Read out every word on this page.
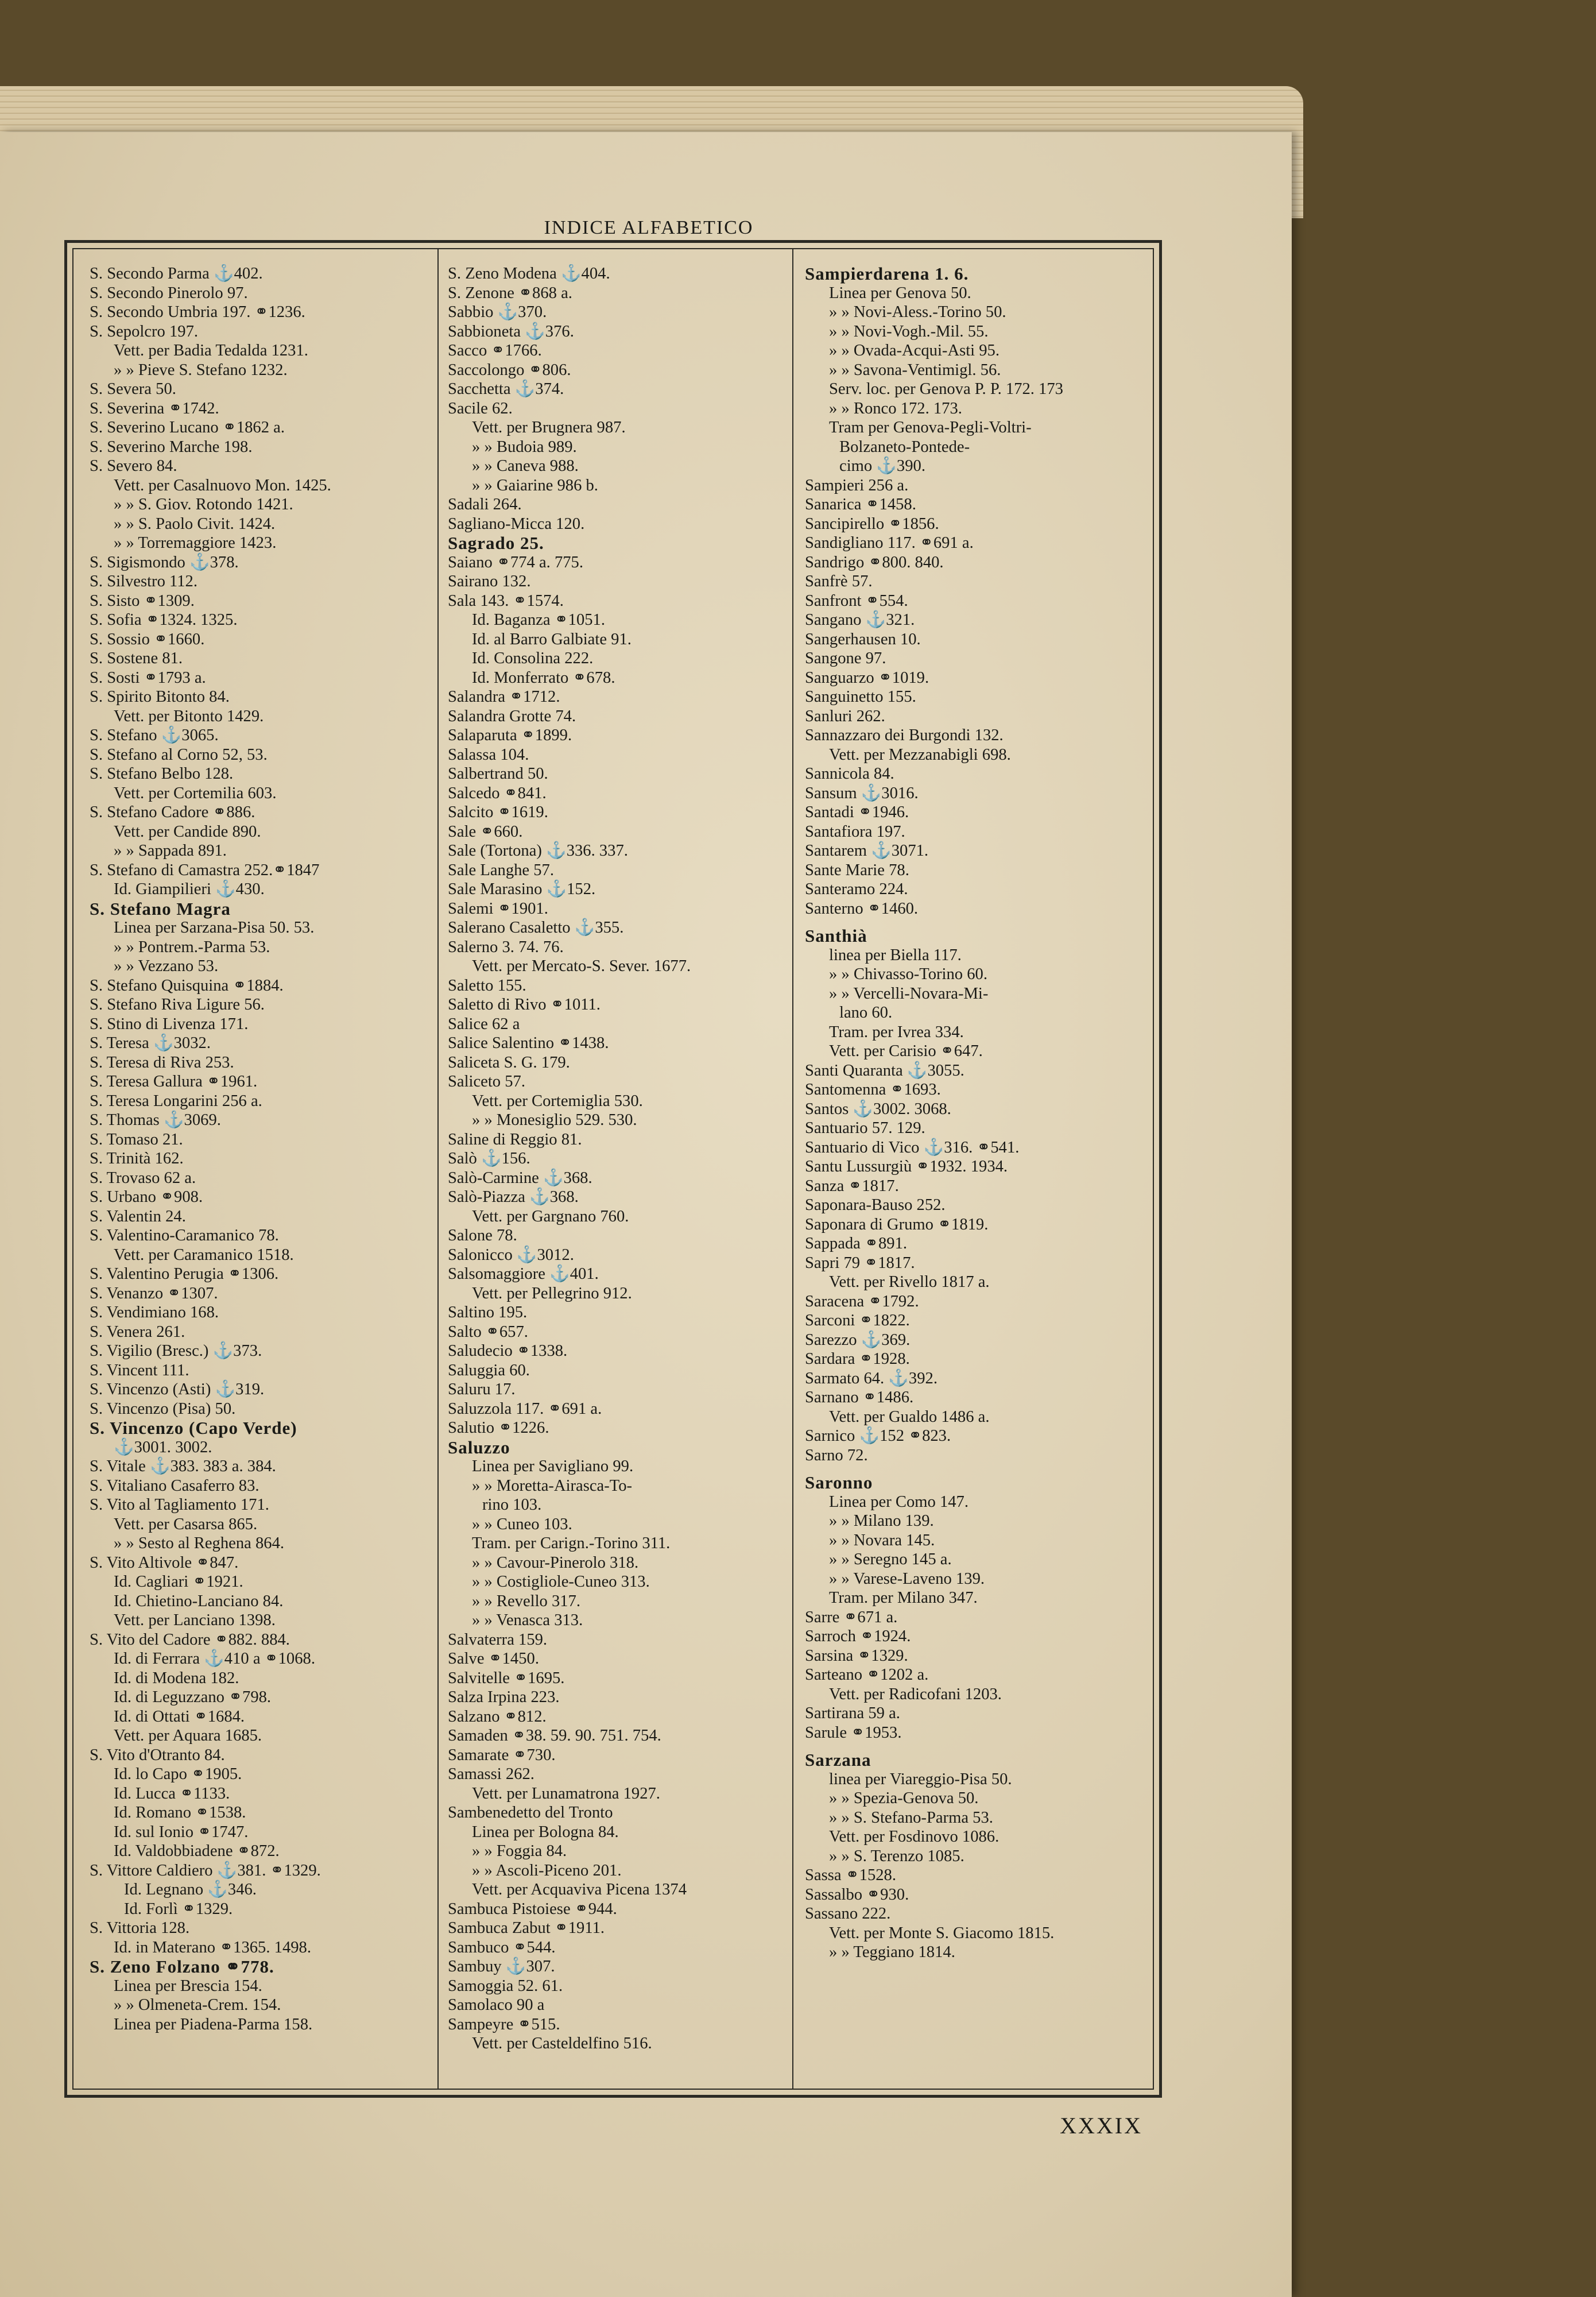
INDICE ALFABETICO
S. Secondo Parma ⚓402.
S. Secondo Pinerolo 97.
S. Secondo Umbria 197. ⚭1236.
S. Sepolcro 197.
Vett. per Badia Tedalda 1231.
» » Pieve S. Stefano 1232.
S. Severa 50.
S. Severina ⚭1742.
S. Severino Lucano ⚭1862 a.
S. Severino Marche 198.
S. Severo 84.
Vett. per Casalnuovo Mon. 1425.
» » S. Giov. Rotondo 1421.
» » S. Paolo Civit. 1424.
» » Torremaggiore 1423.
S. Sigismondo ⚓378.
S. Silvestro 112.
S. Sisto ⚭1309.
S. Sofia ⚭1324. 1325.
S. Sossio ⚭1660.
S. Sostene 81.
S. Sosti ⚭1793 a.
S. Spirito Bitonto 84.
Vett. per Bitonto 1429.
S. Stefano ⚓3065.
S. Stefano al Corno 52, 53.
S. Stefano Belbo 128.
Vett. per Cortemilia 603.
S. Stefano Cadore ⚭886.
Vett. per Candide 890.
» » Sappada 891.
S. Stefano di Camastra 252.⚭1847
Id. Giampilieri ⚓430.
S. Stefano Magra
Linea per Sarzana-Pisa 50. 53.
» » Pontrem.-Parma 53.
» » Vezzano 53.
S. Stefano Quisquina ⚭1884.
S. Stefano Riva Ligure 56.
S. Stino di Livenza 171.
S. Teresa ⚓3032.
S. Teresa di Riva 253.
S. Teresa Gallura ⚭1961.
S. Teresa Longarini 256 a.
S. Thomas ⚓3069.
S. Tomaso 21.
S. Trinità 162.
S. Trovaso 62 a.
S. Urbano ⚭908.
S. Valentin 24.
S. Valentino-Caramanico 78.
Vett. per Caramanico 1518.
S. Valentino Perugia ⚭1306.
S. Venanzo ⚭1307.
S. Vendimiano 168.
S. Venera 261.
S. Vigilio (Bresc.) ⚓373.
S. Vincent 111.
S. Vincenzo (Asti) ⚓319.
S. Vincenzo (Pisa) 50.
S. Vincenzo (Capo Verde)
⚓3001. 3002.
S. Vitale ⚓383. 383 a. 384.
S. Vitaliano Casaferro 83.
S. Vito al Tagliamento 171.
Vett. per Casarsa 865.
» » Sesto al Reghena 864.
S. Vito Altivole ⚭847.
Id. Cagliari ⚭1921.
Id. Chietino-Lanciano 84.
Vett. per Lanciano 1398.
S. Vito del Cadore ⚭882. 884.
Id. di Ferrara ⚓410 a ⚭1068.
Id. di Modena 182.
Id. di Leguzzano ⚭798.
Id. di Ottati ⚭1684.
Vett. per Aquara 1685.
S. Vito d'Otranto 84.
Id. lo Capo ⚭1905.
Id. Lucca ⚭1133.
Id. Romano ⚭1538.
Id. sul Ionio ⚭1747.
Id. Valdobbiadene ⚭872.
S. Vittore Caldiero ⚓381. ⚭1329.
Id. Legnano ⚓346.
Id. Forlì ⚭1329.
S. Vittoria 128.
Id. in Materano ⚭1365. 1498.
S. Zeno Folzano ⚭778.
Linea per Brescia 154.
» » Olmeneta-Crem. 154.
Linea per Piadena-Parma 158.
S. Zeno Modena ⚓404.
S. Zenone ⚭868 a.
Sabbio ⚓370.
Sabbioneta ⚓376.
Sacco ⚭1766.
Saccolongo ⚭806.
Sacchetta ⚓374.
Sacile 62.
Vett. per Brugnera 987.
» » Budoia 989.
» » Caneva 988.
» » Gaiarine 986 b.
Sadali 264.
Sagliano-Micca 120.
Sagrado 25.
Saiano ⚭774 a. 775.
Sairano 132.
Sala 143. ⚭1574.
Id. Baganza ⚭1051.
Id. al Barro Galbiate 91.
Id. Consolina 222.
Id. Monferrato ⚭678.
Salandra ⚭1712.
Salandra Grotte 74.
Salaparuta ⚭1899.
Salassa 104.
Salbertrand 50.
Salcedo ⚭841.
Salcito ⚭1619.
Sale ⚭660.
Sale (Tortona) ⚓336. 337.
Sale Langhe 57.
Sale Marasino ⚓152.
Salemi ⚭1901.
Salerano Casaletto ⚓355.
Salerno 3. 74. 76.
Vett. per Mercato-S. Sever. 1677.
Saletto 155.
Saletto di Rivo ⚭1011.
Salice 62 a
Salice Salentino ⚭1438.
Saliceta S. G. 179.
Saliceto 57.
Vett. per Cortemiglia 530.
» » Monesiglio 529. 530.
Saline di Reggio 81.
Salò ⚓156.
Salò-Carmine ⚓368.
Salò-Piazza ⚓368.
Vett. per Gargnano 760.
Salone 78.
Salonicco ⚓3012.
Salsomaggiore ⚓401.
Vett. per Pellegrino 912.
Saltino 195.
Salto ⚭657.
Saludecio ⚭1338.
Saluggia 60.
Saluru 17.
Saluzzola 117. ⚭691 a.
Salutio ⚭1226.
Saluzzo
Linea per Savigliano 99.
» » Moretta-Airasca-To-
rino 103.
» » Cuneo 103.
Tram. per Carign.-Torino 311.
» » Cavour-Pinerolo 318.
» » Costigliole-Cuneo 313.
» » Revello 317.
» » Venasca 313.
Salvaterra 159.
Salve ⚭1450.
Salvitelle ⚭1695.
Salza Irpina 223.
Salzano ⚭812.
Samaden ⚭38. 59. 90. 751. 754.
Samarate ⚭730.
Samassi 262.
Vett. per Lunamatrona 1927.
Sambenedetto del Tronto
Linea per Bologna 84.
» » Foggia 84.
» » Ascoli-Piceno 201.
Vett. per Acquaviva Picena 1374
Sambuca Pistoiese ⚭944.
Sambuca Zabut ⚭1911.
Sambuco ⚭544.
Sambuy ⚓307.
Samoggia 52. 61.
Samolaco 90 a
Sampeyre ⚭515.
Vett. per Casteldelfino 516.
Sampierdarena 1. 6.
Linea per Genova 50.
» » Novi-Aless.-Torino 50.
» » Novi-Vogh.-Mil. 55.
» » Ovada-Acqui-Asti 95.
» » Savona-Ventimigl. 56.
Serv. loc. per Genova P. P. 172. 173
» » Ronco 172. 173.
Tram per Genova-Pegli-Voltri-
Bolzaneto-Pontede-
cimo ⚓390.
Sampieri 256 a.
Sanarica ⚭1458.
Sancipirello ⚭1856.
Sandigliano 117. ⚭691 a.
Sandrigo ⚭800. 840.
Sanfrè 57.
Sanfront ⚭554.
Sangano ⚓321.
Sangerhausen 10.
Sangone 97.
Sanguarzo ⚭1019.
Sanguinetto 155.
Sanluri 262.
Sannazzaro dei Burgondi 132.
Vett. per Mezzanabigli 698.
Sannicola 84.
Sansum ⚓3016.
Santadi ⚭1946.
Santafiora 197.
Santarem ⚓3071.
Sante Marie 78.
Santeramo 224.
Santerno ⚭1460.
Santhià
linea per Biella 117.
» » Chivasso-Torino 60.
» » Vercelli-Novara-Mi-
lano 60.
Tram. per Ivrea 334.
Vett. per Carisio ⚭647.
Santi Quaranta ⚓3055.
Santomenna ⚭1693.
Santos ⚓3002. 3068.
Santuario 57. 129.
Santuario di Vico ⚓316. ⚭541.
Santu Lussurgiù ⚭1932. 1934.
Sanza ⚭1817.
Saponara-Bauso 252.
Saponara di Grumo ⚭1819.
Sappada ⚭891.
Sapri 79 ⚭1817.
Vett. per Rivello 1817 a.
Saracena ⚭1792.
Sarconi ⚭1822.
Sarezzo ⚓369.
Sardara ⚭1928.
Sarmato 64. ⚓392.
Sarnano ⚭1486.
Vett. per Gualdo 1486 a.
Sarnico ⚓152 ⚭823.
Sarno 72.
Saronno
Linea per Como 147.
» » Milano 139.
» » Novara 145.
» » Seregno 145 a.
» » Varese-Laveno 139.
Tram. per Milano 347.
Sarre ⚭671 a.
Sarroch ⚭1924.
Sarsina ⚭1329.
Sarteano ⚭1202 a.
Vett. per Radicofani 1203.
Sartirana 59 a.
Sarule ⚭1953.
Sarzana
linea per Viareggio-Pisa 50.
» » Spezia-Genova 50.
» » S. Stefano-Parma 53.
Vett. per Fosdinovo 1086.
» » S. Terenzo 1085.
Sassa ⚭1528.
Sassalbo ⚭930.
Sassano 222.
Vett. per Monte S. Giacomo 1815.
» » Teggiano 1814.
XXXIX
